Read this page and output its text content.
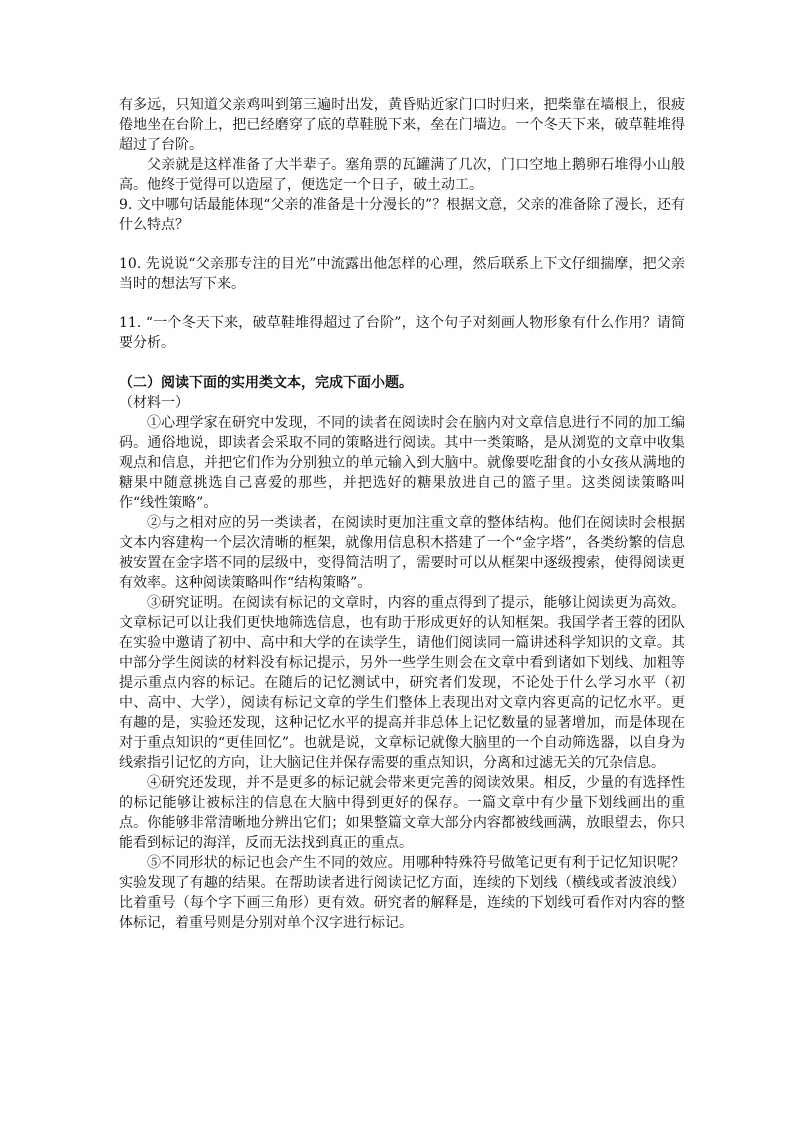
有多远，只知道父亲鸡叫到第三遍时出发，黄昏贴近家门口时归来，把柴靠在墙根上，很疲倦地坐在台阶上，把已经磨穿了底的草鞋脱下来，垒在门墙边。一个冬天下来，破草鞋堆得超过了台阶。

父亲就是这样准备了大半辈子。塞角票的瓦罐满了几次，门口空地上鹅卵石堆得小山般高。他终于觉得可以造屋了，便选定一个日子，破土动工。

9. 文中哪句话最能体现“父亲的准备是十分漫长的”？根据文意，父亲的准备除了漫长，还有什么特点？

10. 先说说“父亲那专注的目光”中流露出他怎样的心理，然后联系上下文仔细揣摩，把父亲当时的想法写下来。

11. “一个冬天下来，破草鞋堆得超过了台阶”，这个句子对刻画人物形象有什么作用？请简要分析。

（二）阅读下面的实用类文本，完成下面小题。

（材料一）

①心理学家在研究中发现，不同的读者在阅读时会在脑内对文章信息进行不同的加工编码。通俗地说，即读者会采取不同的策略进行阅读。其中一类策略，是从浏览的文章中收集观点和信息，并把它们作为分别独立的单元输入到大脑中。就像要吃甜食的小女孩从满地的糖果中随意挑选自己喜爱的那些，并把选好的糖果放进自己的篮子里。这类阅读策略叫作“线性策略”。

②与之相对应的另一类读者，在阅读时更加注重文章的整体结构。他们在阅读时会根据文本内容建构一个层次清晰的框架，就像用信息积木搭建了一个“金字塔”，各类纷繁的信息被安置在金字塔不同的层级中，变得简洁明了，需要时可以从框架中逐级搜索，使得阅读更有效率。这种阅读策略叫作“结构策略”。

③研究证明。在阅读有标记的文章时，内容的重点得到了提示，能够让阅读更为高效。文章标记可以让我们更快地筛选信息，也有助于形成更好的认知框架。我国学者王蓉的团队在实验中邀请了初中、高中和大学的在读学生，请他们阅读同一篇讲述科学知识的文章。其中部分学生阅读的材料没有标记提示，另外一些学生则会在文章中看到诸如下划线、加粗等提示重点内容的标记。在随后的记忆测试中，研究者们发现，不论处于什么学习水平（初中、高中、大学），阅读有标记文章的学生们整体上表现出对文章内容更高的记忆水平。更有趣的是，实验还发现，这种记忆水平的提高并非总体上记忆数量的显著增加，而是体现在对于重点知识的“更佳回忆”。也就是说，文章标记就像大脑里的一个自动筛选器，以自身为线索指引记忆的方向，让大脑记住并保存需要的重点知识，分离和过滤无关的冗杂信息。

④研究还发现，并不是更多的标记就会带来更完善的阅读效果。相反，少量的有选择性的标记能够让被标注的信息在大脑中得到更好的保存。一篇文章中有少量下划线画出的重点。你能够非常清晰地分辨出它们；如果整篇文章大部分内容都被线画满，放眼望去，你只能看到标记的海洋，反而无法找到真正的重点。

⑤不同形状的标记也会产生不同的效应。用哪种特殊符号做笔记更有利于记忆知识呢？实验发现了有趣的结果。在帮助读者进行阅读记忆方面，连续的下划线（横线或者波浪线）比着重号（每个字下画三角形）更有效。研究者的解释是，连续的下划线可看作对内容的整体标记，着重号则是分别对单个汉字进行标记。
